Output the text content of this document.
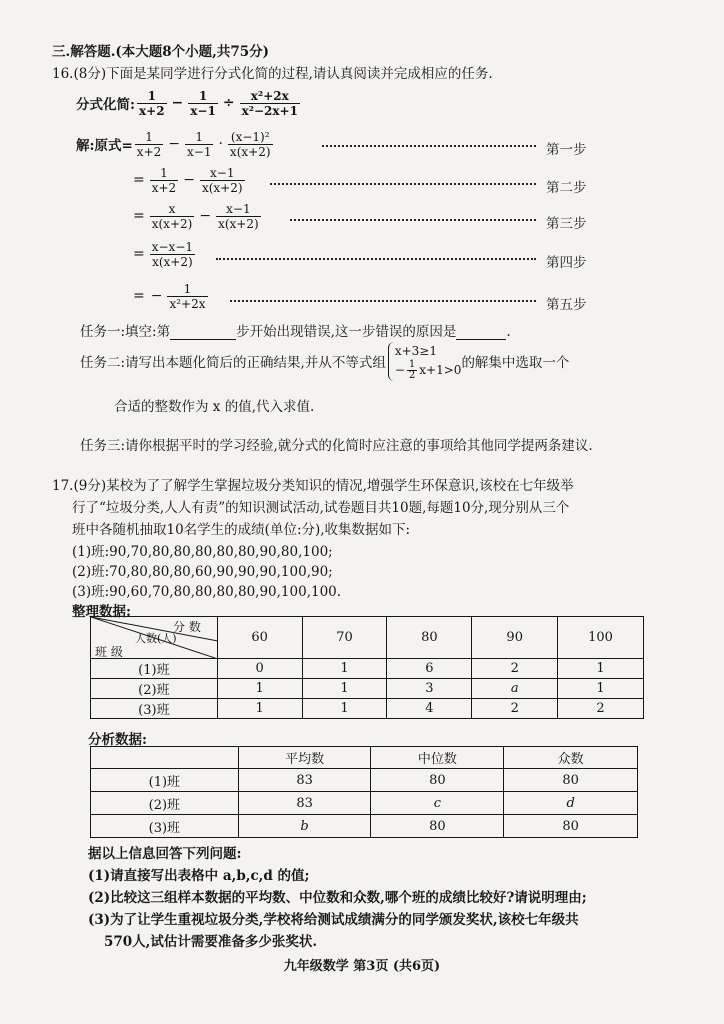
三.解答题.(本大题8个小题,共75分)
16.(8分)下面是某同学进行分式化简的过程,请认真阅读并完成相应的任务.
分式化简: $\frac{1}{x+2} - \frac{1}{x-1} \div \frac{\text{x²+2x}}{\text{x²−2x+1}}$
解:原式= $\frac{1}{x+2} - \frac{1}{x-1} \cdot \frac{\text{(x−1)²}}{x(x+2)}$	第一步
= $\frac{1}{x+2} - \frac{x-1}{x(x+2)}$	第二步
= $\frac{x}{x(x+2)} - \frac{x-1}{x(x+2)}$	第三步
= $\frac{x-x-1}{x(x+2)}$	第四步
= − $\frac{1}{\text{x²+2x}}$	第五步
任务一:填空:第	步开始出现错误,这一步错误的原因是	.
任务二:请写出本题化简后的正确结果,并从不等式组
x+3≥1
− $\frac{1}{2} x+1>0$ 的解集中选取一个
合适的整数作为 x 的值,代入求值.
任务三:请你根据平时的学习经验,就分式的化简时应注意的事项给其他同学提两条建议.
17.(9分)某校为了了解学生掌握垃圾分类知识的情况,增强学生环保意识,该校在七年级举
行了“垃圾分类,人人有责”的知识测试活动,试卷题目共10题,每题10分,现分别从三个
班中各随机抽取10名学生的成绩(单位:分),收集数据如下:
(1)班:90,70,80,80,80,80,80,90,80,100;
(2)班:70,80,80,80,60,90,90,90,100,90;
(3)班:90,60,70,80,80,80,80,90,100,100.
整理数据:
分 数
人数(人)
班 级	60	70	80	90	100
(1)班	0	1	6	2	1
(2)班	1	1	3	a	1
(3)班	1	1	4	2	2
分析数据:
	平均数	中位数	众数
(1)班	83	80	80
(2)班	83	c	d
(3)班	b	80	80
据以上信息回答下列问题:
(1)请直接写出表格中 a,b,c,d 的值;
(2)比较这三组样本数据的平均数、中位数和众数,哪个班的成绩比较好?请说明理由;
(3)为了让学生重视垃圾分类,学校将给测试成绩满分的同学颁发奖状,该校七年级共
570人,试估计需要准备多少张奖状.
九年级数学 第3页 (共6页)
